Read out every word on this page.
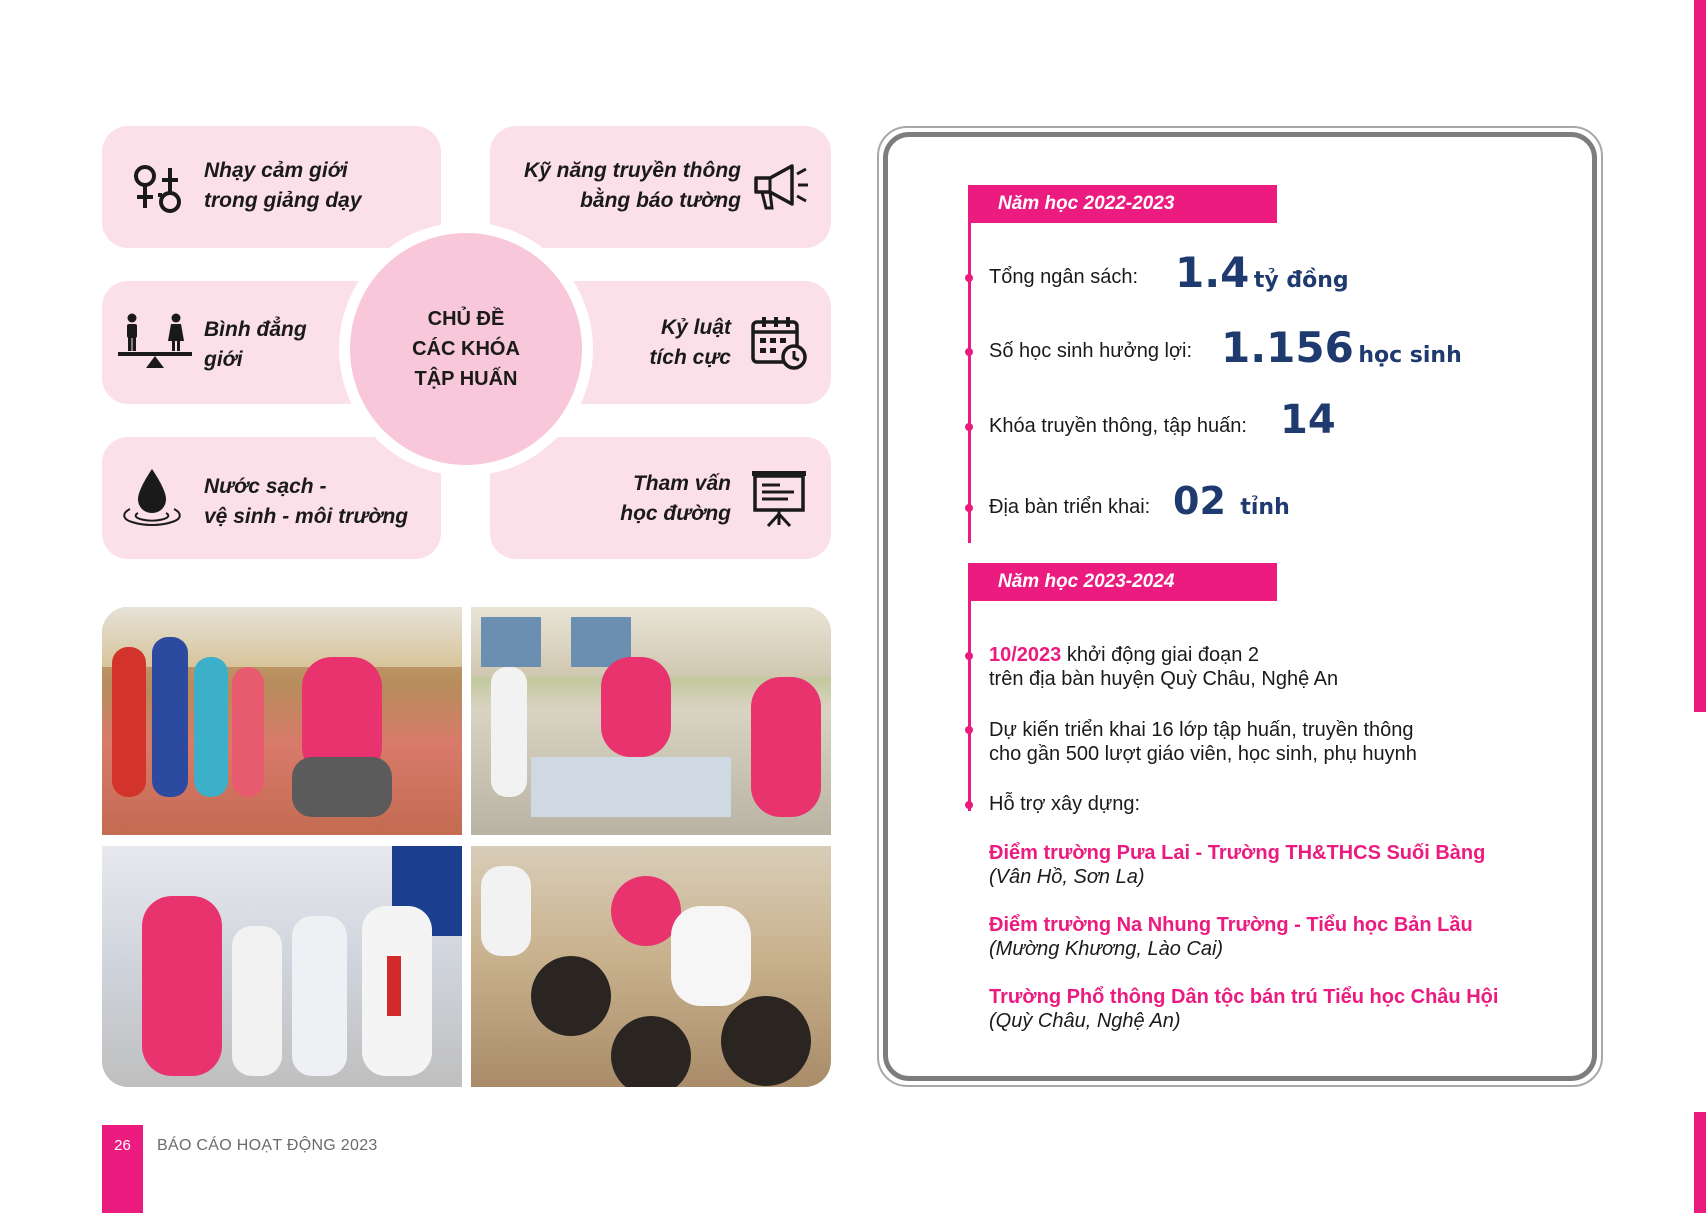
Nhạy cảm giới
trong giảng dạy
Kỹ năng truyền thông
bằng báo tường
Bình đẳng
giới
Kỷ luật
tích cực
Nước sạch -
vệ sinh - môi trường
Tham vấn
học đường
CHỦ ĐỀ
CÁC KHÓA
TẬP HUẤN
Năm học 2022-2023
Tổng ngân sách: 1.4 tỷ đồng
Số học sinh hưởng lợi: 1.156 học sinh
Khóa truyền thông, tập huấn: 14
Địa bàn triển khai: 02 tỉnh
Năm học 2023-2024
10/2023 khởi động giai đoạn 2
trên địa bàn huyện Quỳ Châu, Nghệ An
Dự kiến triển khai 16 lớp tập huấn, truyền thông
cho gần 500 lượt giáo viên, học sinh, phụ huynh
Hỗ trợ xây dựng:
Điểm trường Pưa Lai - Trường TH&THCS Suối Bàng
(Vân Hồ, Sơn La)
Điểm trường Na Nhung Trường - Tiểu học Bản Lầu
(Mường Khương, Lào Cai)
Trường Phổ thông Dân tộc bán trú Tiểu học Châu Hội
(Quỳ Châu, Nghệ An)
26	BÁO CÁO HOẠT ĐỘNG 2023
